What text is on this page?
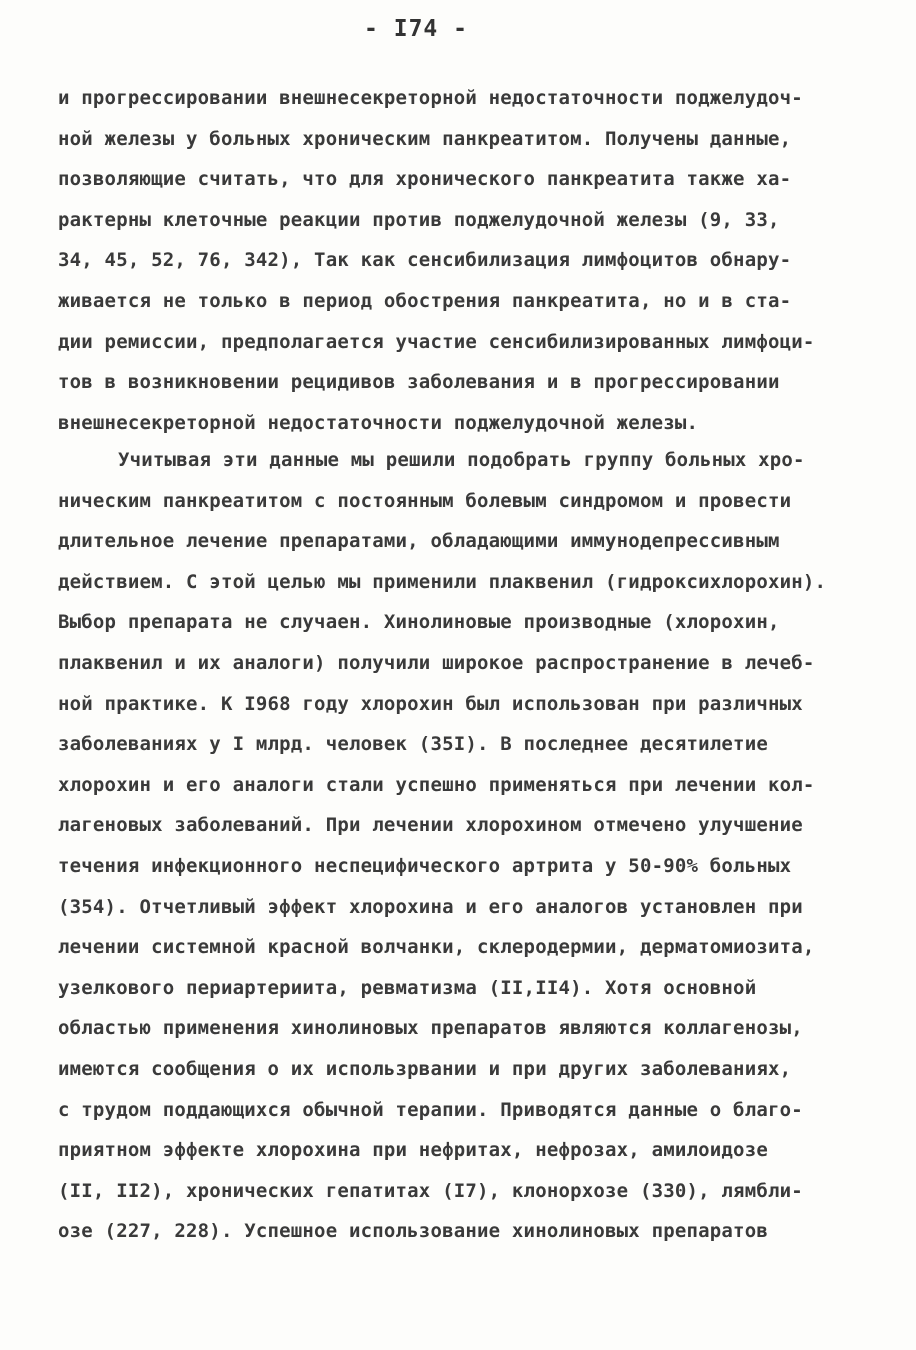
- I74 -
и прогрессировании внешнесекреторной недостаточности поджелудоч-
ной железы у больных хроническим панкреатитом. Получены данные,
позволяющие считать, что для хронического панкреатита также ха-
рактерны клеточные реакции против поджелудочной железы (9, 33,
34, 45, 52, 76, 342), Так как сенсибилизация лимфоцитов обнару-
живается не только в период обострения панкреатита, но и в ста-
дии ремиссии, предполагается участие сенсибилизированных лимфоци-
тов в возникновении рецидивов заболевания и в прогрессировании
внешнесекреторной недостаточности поджелудочной железы.
Учитывая эти данные мы решили подобрать группу больных хро-
ническим панкреатитом с постоянным болевым синдромом и провести
длительное лечение препаратами, обладающими иммунодепрессивным
действием. С этой целью мы применили плаквенил (гидроксихлорохин).
Выбор препарата не случаен. Хинолиновые производные (хлорохин,
плаквенил и их аналоги) получили широкое распространение в лечеб-
ной практике. К I968 году хлорохин был использован при различных
заболеваниях у I млрд. человек (35I). В последнее десятилетие
хлорохин и его аналоги стали успешно применяться при лечении кол-
лагеновых заболеваний. При лечении хлорохином отмечено улучшение
течения инфекционного неспецифического артрита у 50-90% больных
(354). Отчетливый эффект хлорохина и его аналогов установлен при
лечении системной красной волчанки, склеродермии, дерматомиозита,
узелкового периартериита, ревматизма (II,II4). Хотя основной
областью применения хинолиновых препаратов являются коллагенозы,
имеются сообщения о их использрвании и при других заболеваниях,
с трудом поддающихся обычной терапии. Приводятся данные о благо-
приятном эффекте хлорохина при нефритах, нефрозах, амилоидозе
(II, II2), хронических гепатитах (I7), клонорхозе (330), лямбли-
озе (227, 228). Успешное использование хинолиновых препаратов
